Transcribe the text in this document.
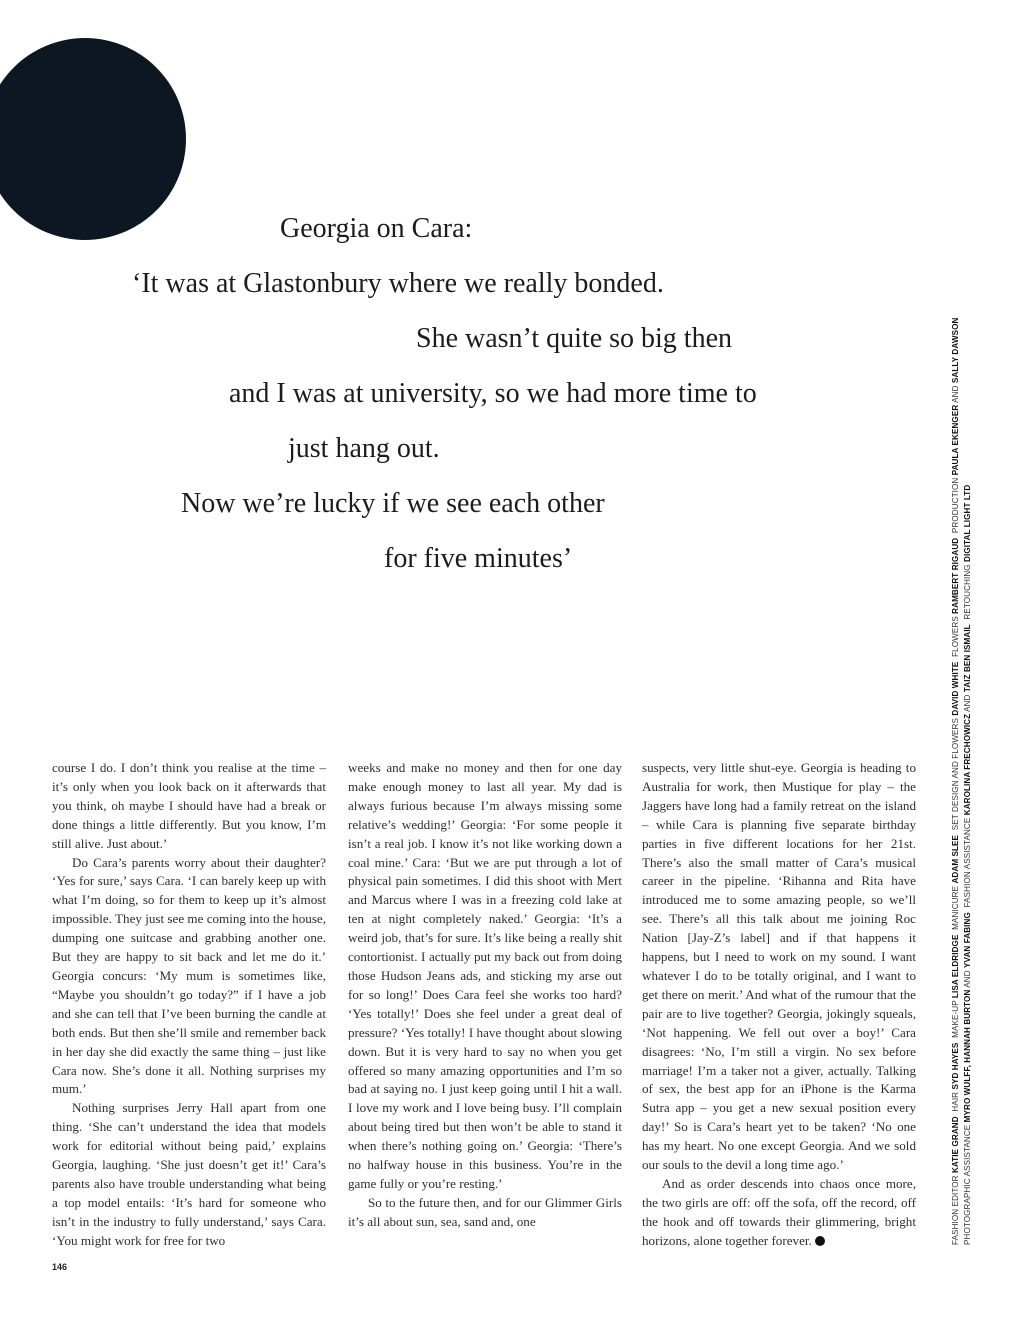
Georgia on Cara:

‘It was at Glastonbury where we really bonded.

She wasn’t quite so big then

and I was at university, so we had more time to

just hang out.

Now we’re lucky if we see each other

for five minutes’

course I do. I don’t think you realise at the time – it’s only when you look back on it afterwards that you think, oh maybe I should have had a break or done things a little differently. But you know, I’m still alive. Just about.’

Do Cara’s parents worry about their daughter? ‘Yes for sure,’ says Cara. ‘I can barely keep up with what I’m doing, so for them to keep up it’s almost impossible. They just see me coming into the house, dumping one suitcase and grabbing another one. But they are happy to sit back and let me do it.’ Georgia concurs: ‘My mum is sometimes like, “Maybe you shouldn’t go today?” if I have a job and she can tell that I’ve been burning the candle at both ends. But then she’ll smile and remember back in her day she did exactly the same thing – just like Cara now. She’s done it all. Nothing surprises my mum.’

Nothing surprises Jerry Hall apart from one thing. ‘She can’t understand the idea that models work for editorial without being paid,’ explains Georgia, laughing. ‘She just doesn’t get it!’ Cara’s parents also have trouble understanding what being a top model entails: ‘It’s hard for someone who isn’t in the industry to fully understand,’ says Cara. ‘You might work for free for two

weeks and make no money and then for one day make enough money to last all year. My dad is always furious because I’m always missing some relative’s wedding!’ Georgia: ‘For some people it isn’t a real job. I know it’s not like working down a coal mine.’ Cara: ‘But we are put through a lot of physical pain sometimes. I did this shoot with Mert and Marcus where I was in a freezing cold lake at ten at night completely naked.’ Georgia: ‘It’s a weird job, that’s for sure. It’s like being a really shit contortionist. I actually put my back out from doing those Hudson Jeans ads, and sticking my arse out for so long!’ Does Cara feel she works too hard? ‘Yes totally!’ Does she feel under a great deal of pressure? ‘Yes totally! I have thought about slowing down. But it is very hard to say no when you get offered so many amazing opportunities and I’m so bad at saying no. I just keep going until I hit a wall. I love my work and I love being busy. I’ll complain about being tired but then won’t be able to stand it when there’s nothing going on.’ Georgia: ‘There’s no halfway house in this business. You’re in the game fully or you’re resting.’

So to the future then, and for our Glimmer Girls it’s all about sun, sea, sand and, one

suspects, very little shut-eye. Georgia is heading to Australia for work, then Mustique for play – the Jaggers have long had a family retreat on the island – while Cara is planning five separate birthday parties in five different locations for her 21st. There’s also the small matter of Cara’s musical career in the pipeline. ‘Rihanna and Rita have introduced me to some amazing people, so we’ll see. There’s all this talk about me joining Roc Nation [Jay-Z’s label] and if that happens it happens, but I need to work on my sound. I want whatever I do to be totally original, and I want to get there on merit.’ And what of the rumour that the pair are to live together? Georgia, jokingly squeals, ‘Not happening. We fell out over a boy!’ Cara disagrees: ‘No, I’m still a virgin. No sex before marriage! I’m a taker not a giver, actually. Talking of sex, the best app for an iPhone is the Karma Sutra app – you get a new sexual position every day!’ So is Cara’s heart yet to be taken? ‘No one has my heart. No one except Georgia. And we sold our souls to the devil a long time ago.’

And as order descends into chaos once more, the two girls are off: off the sofa, off the record, off the hook and off towards their glimmering, bright horizons, alone together forever.

146
FASHION EDITOR KATIE GRAND  HAIR SYD HAYES  MAKE-UP LISA ELDRIDGE  MANICURE ADAM SLEE  SET DESIGN AND FLOWERS DAVID WHITE  FLOWERS RAMBERT RIGAUD  PRODUCTION PAULA EKENGER AND SALLY DAWSON
PHOTOGRAPHIC ASSISTANCE MYRO WULFF, HANNAH BURTON AND YVAN FABING  FASHION ASSISTANCE KAROLINA FRECHOWICZ AND TAIZ BEN ISMAIL  RETOUCHING DIGITAL LIGHT LTD
